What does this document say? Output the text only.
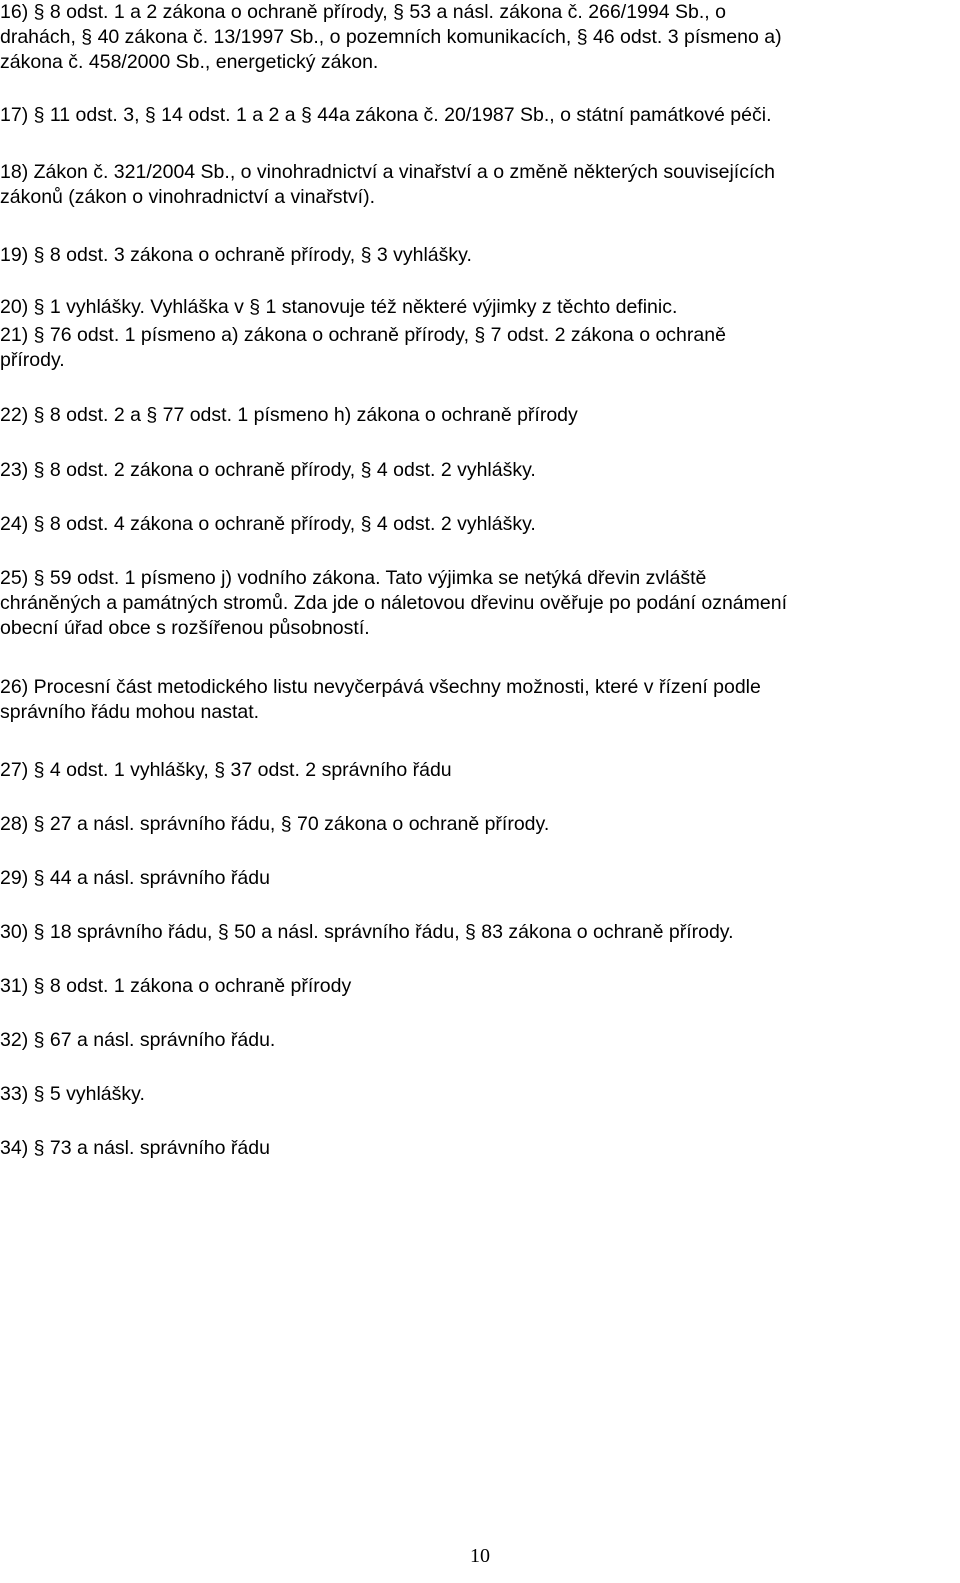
16) § 8 odst. 1 a 2 zákona o ochraně přírody, § 53 a násl. zákona č. 266/1994 Sb., o
drahách, § 40 zákona č. 13/1997 Sb., o pozemních komunikacích, § 46 odst. 3 písmeno a)
zákona č. 458/2000 Sb., energetický zákon.

17) § 11 odst. 3, § 14 odst. 1 a 2 a § 44a zákona č. 20/1987 Sb., o státní památkové péči.

18) Zákon č. 321/2004 Sb., o vinohradnictví a vinařství a o změně některých souvisejících
zákonů (zákon o vinohradnictví a vinařství).

19) § 8 odst. 3 zákona o ochraně přírody, § 3 vyhlášky.

20) § 1 vyhlášky. Vyhláška v § 1 stanovuje též některé výjimky z těchto definic.

21) § 76 odst. 1 písmeno a) zákona o ochraně přírody, § 7 odst. 2 zákona o ochraně
přírody.

22) § 8 odst. 2 a § 77 odst. 1 písmeno h) zákona o ochraně přírody

23) § 8 odst. 2 zákona o ochraně přírody, § 4 odst. 2 vyhlášky.

24) § 8 odst. 4 zákona o ochraně přírody, § 4 odst. 2 vyhlášky.

25) § 59 odst. 1 písmeno j) vodního zákona. Tato výjimka se netýká dřevin zvláště
chráněných a památných stromů. Zda jde o náletovou dřevinu ověřuje po podání oznámení
obecní úřad obce s rozšířenou působností.

26) Procesní část metodického listu nevyčerpává všechny možnosti, které v řízení podle
správního řádu mohou nastat.

27) § 4 odst. 1 vyhlášky, § 37 odst. 2 správního řádu

28) § 27 a násl. správního řádu, § 70 zákona o ochraně přírody.

29) § 44 a násl. správního řádu

30) § 18 správního řádu, § 50 a násl. správního řádu, § 83 zákona o ochraně přírody.

31) § 8 odst. 1 zákona o ochraně přírody

32) § 67 a násl. správního řádu.

33) § 5 vyhlášky.

34) § 73 a násl. správního řádu

10
